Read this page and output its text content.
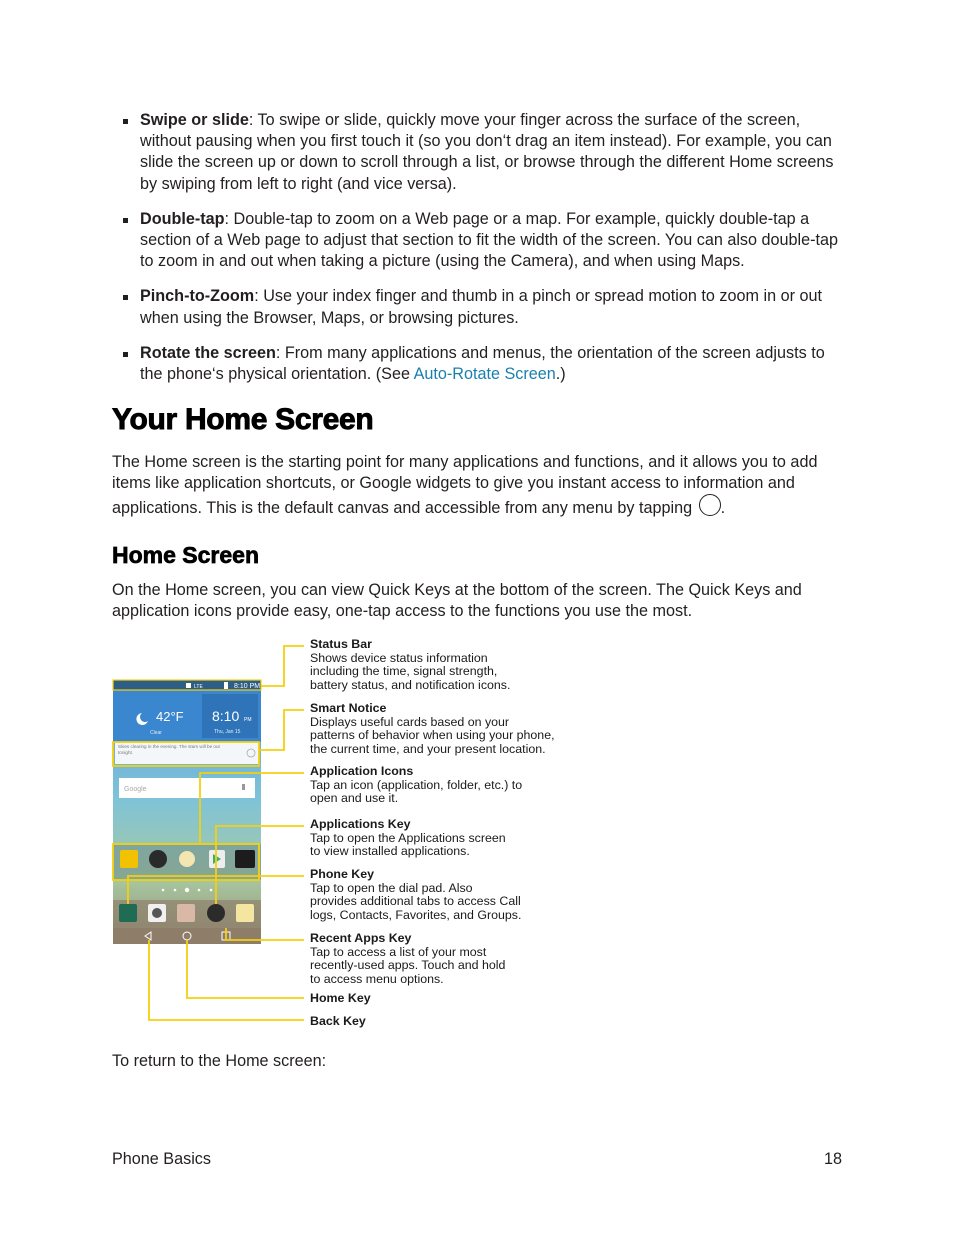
Swipe or slide: To swipe or slide, quickly move your finger across the surface of the screen, without pausing when you first touch it (so you don‘t drag an item instead). For example, you can slide the screen up or down to scroll through a list, or browse through the different Home screens by swiping from left to right (and vice versa).
Double-tap: Double-tap to zoom on a Web page or a map. For example, quickly double-tap a section of a Web page to adjust that section to fit the width of the screen. You can also double-tap to zoom in and out when taking a picture (using the Camera), and when using Maps.
Pinch-to-Zoom: Use your index finger and thumb in a pinch or spread motion to zoom in or out when using the Browser, Maps, or browsing pictures.
Rotate the screen: From many applications and menus, the orientation of the screen adjusts to the phone‘s physical orientation. (See Auto-Rotate Screen.)
Your Home Screen
The Home screen is the starting point for many applications and functions, and it allows you to add items like application shortcuts, or Google widgets to give you instant access to information and applications. This is the default canvas and accessible from any menu by tapping .
Home Screen
On the Home screen, you can view Quick Keys at the bottom of the screen. The Quick Keys and application icons provide easy, one-tap access to the functions you use the most.
8:10 PM
LTE
42°F
Clear
8:10 PM
Thu, Jan 15
Skies clearing in the evening. The stars will be out tonight.
Google
Status Bar
Shows device status information
including the time, signal strength,
battery status, and notification icons.
Smart Notice
Displays useful cards based on your
patterns of behavior when using your phone,
the current time, and your present location.
Application Icons
Tap an icon (application, folder, etc.) to
open and use it.
Applications Key
Tap to open the Applications screen
to view installed applications.
Phone Key
Tap to open the dial pad. Also
provides additional tabs to access Call
logs, Contacts, Favorites, and Groups.
Recent Apps Key
Tap to access a list of your most
recently-used apps. Touch and hold
to access menu options.
Home Key
Back Key
To return to the Home screen:
Phone Basics	18
